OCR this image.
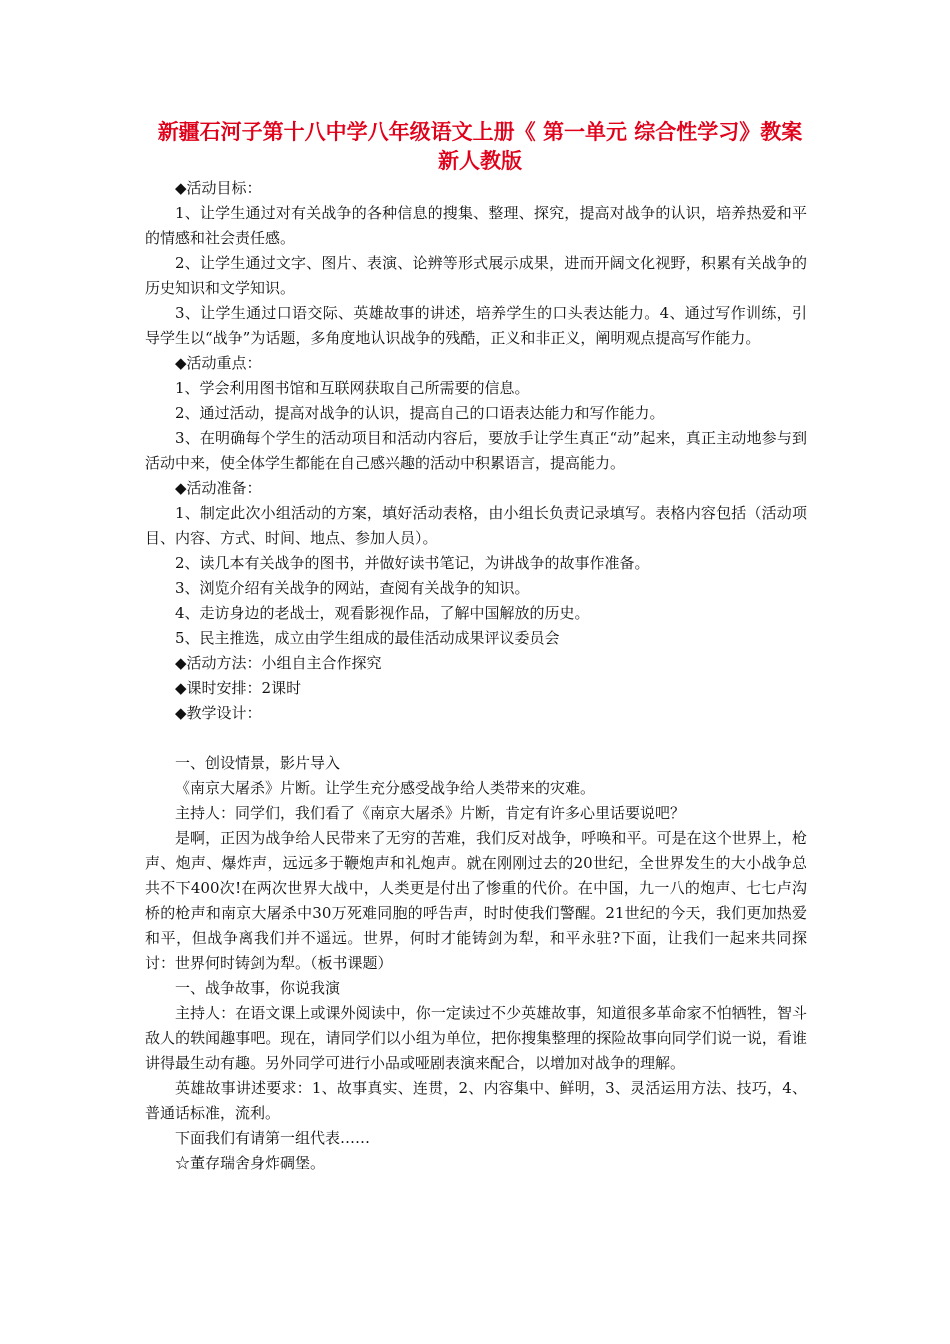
新疆石河子第十八中学八年级语文上册《 第一单元 综合性学习》教案 新人教版

◆活动目标：

1、让学生通过对有关战争的各种信息的搜集、整理、探究，提高对战争的认识，培养热爱和平的情感和社会责任感。

2、让学生通过文字、图片、表演、论辨等形式展示成果，进而开阔文化视野，积累有关战争的历史知识和文学知识。

3、让学生通过口语交际、英雄故事的讲述，培养学生的口头表达能力。4、通过写作训练，引导学生以“战争”为话题，多角度地认识战争的残酷，正义和非正义，阐明观点提高写作能力。

◆活动重点：

1、学会利用图书馆和互联网获取自己所需要的信息。

2、通过活动，提高对战争的认识，提高自己的口语表达能力和写作能力。

3、在明确每个学生的活动项目和活动内容后，要放手让学生真正“动”起来，真正主动地参与到活动中来，使全体学生都能在自己感兴趣的活动中积累语言，提高能力。

◆活动准备：

1、制定此次小组活动的方案，填好活动表格，由小组长负责记录填写。表格内容包括（活动项目、内容、方式、时间、地点、参加人员）。

2、读几本有关战争的图书，并做好读书笔记，为讲战争的故事作准备。

3、浏览介绍有关战争的网站，查阅有关战争的知识。

4、走访身边的老战士，观看影视作品，了解中国解放的历史。

5、民主推选，成立由学生组成的最佳活动成果评议委员会

◆活动方法：小组自主合作探究

◆课时安排：2课时

◆教学设计：

一、创设情景，影片导入

《南京大屠杀》片断。让学生充分感受战争给人类带来的灾难。

主持人：同学们，我们看了《南京大屠杀》片断，肯定有许多心里话要说吧？

是啊，正因为战争给人民带来了无穷的苦难，我们反对战争，呼唤和平。可是在这个世界上，枪声、炮声、爆炸声，远远多于鞭炮声和礼炮声。就在刚刚过去的20世纪，全世界发生的大小战争总共不下400次!在两次世界大战中，人类更是付出了惨重的代价。在中国，九一八的炮声、七七卢沟桥的枪声和南京大屠杀中30万死难同胞的呼告声，时时使我们警醒。21世纪的今天，我们更加热爱和平，但战争离我们并不遥远。世界，何时才能铸剑为犁，和平永驻?下面，让我们一起来共同探讨：世界何时铸剑为犁。（板书课题）

一、战争故事，你说我演

主持人：在语文课上或课外阅读中，你一定读过不少英雄故事，知道很多革命家不怕牺牲，智斗敌人的轶闻趣事吧。现在，请同学们以小组为单位，把你搜集整理的探险故事向同学们说一说，看谁讲得最生动有趣。另外同学可进行小品或哑剧表演来配合，以增加对战争的理解。

英雄故事讲述要求：1、故事真实、连贯，2、内容集中、鲜明，3、灵活运用方法、技巧，4、普通话标准，流利。

下面我们有请第一组代表……

☆董存瑞舍身炸碉堡。
